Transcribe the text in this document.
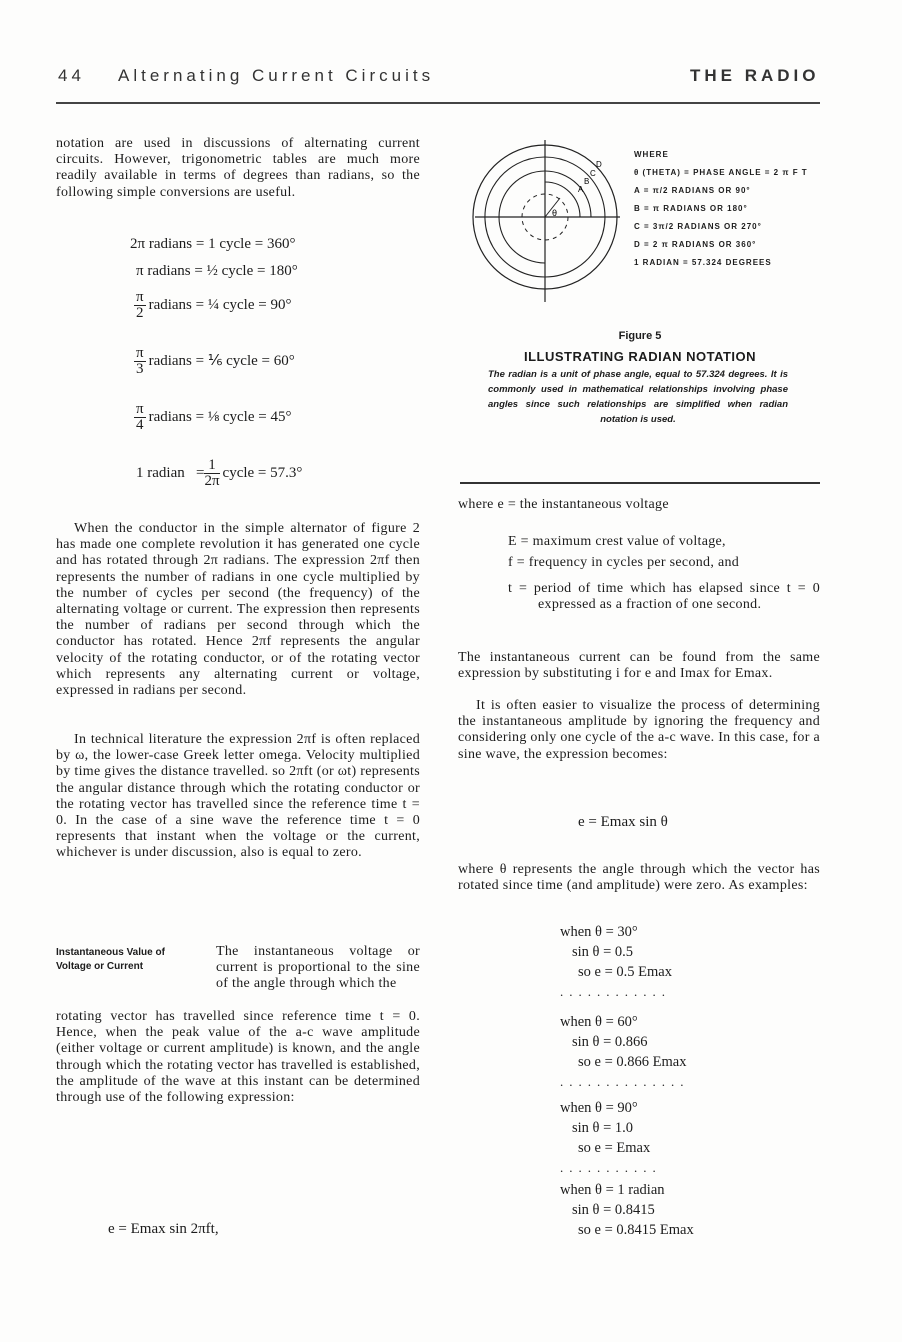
44 Alternating Current Circuits	THE RADIO

notation are used in discussions of alternating current circuits. However, trigonometric tables are much more readily available in terms of degrees than radians, so the following simple conversions are useful.

2π radians = 1 cycle = 360°
π radians = ½ cycle = 180°
$\frac{\pi}{2}$ radians = ¼ cycle = 90°
$\frac{\pi}{3}$ radians = ⅙ cycle = 60°
$\frac{\pi}{4}$ radians = ⅛ cycle = 45°
1 radian = $\frac{1}{2\pi}$ cycle = 57.3°

When the conductor in the simple alternator of figure 2 has made one complete revolution it has generated one cycle and has rotated through 2π radians. The expression 2πf then represents the number of radians in one cycle multiplied by the number of cycles per second (the frequency) of the alternating voltage or current. The expression then represents the number of radians per second through which the conductor has rotated. Hence 2πf represents the angular velocity of the rotating conductor, or of the rotating vector which represents any alternating current or voltage, expressed in radians per second.

In technical literature the expression 2πf is often replaced by ω, the lower-case Greek letter omega. Velocity multiplied by time gives the distance travelled. so 2πft (or ωt) represents the angular distance through which the rotating conductor or the rotating vector has travelled since the reference time t = 0. In the case of a sine wave the reference time t = 0 represents that instant when the voltage or the current, whichever is under discussion, also is equal to zero.

Instantaneous Value of Voltage or Current

The instantaneous voltage or current is proportional to the sine of the angle through which the

rotating vector has travelled since reference time t = 0. Hence, when the peak value of the a-c wave amplitude (either voltage or current amplitude) is known, and the angle through which the rotating vector has travelled is established, the amplitude of the wave at this instant can be determined through use of the following expression:

e = Emax sin 2πft,
A
B
C
D
θ
WHERE
θ (THETA) = PHASE ANGLE = 2 π F T
A = π/2 RADIANS OR 90°
B = π RADIANS OR 180°
C = 3π/2 RADIANS OR 270°
D = 2 π RADIANS OR 360°
1 RADIAN = 57.324 DEGREES
Figure 5
ILLUSTRATING RADIAN NOTATION
The radian is a unit of phase angle, equal to 57.324 degrees. It is commonly used in mathematical relationships involving phase angles since such relationships are simplified when radian notation is used.
where e = the instantaneous voltage

E = maximum crest value of voltage,

f = frequency in cycles per second, and

t = period of time which has elapsed since t = 0 expressed as a fraction of one second.

The instantaneous current can be found from the same expression by substituting i for e and Imax for Emax.

It is often easier to visualize the process of determining the instantaneous amplitude by ignoring the frequency and considering only one cycle of the a-c wave. In this case, for a sine wave, the expression becomes:

e = Emax sin θ

where θ represents the angle through which the vector has rotated since time (and amplitude) were zero. As examples:

when θ = 30°
sin θ = 0.5
so e = 0.5 Emax
............
when θ = 60°
sin θ = 0.866
so e = 0.866 Emax
..............
when θ = 90°
sin θ = 1.0
so e = Emax
...........
when θ = 1 radian
sin θ = 0.8415
so e = 0.8415 Emax
